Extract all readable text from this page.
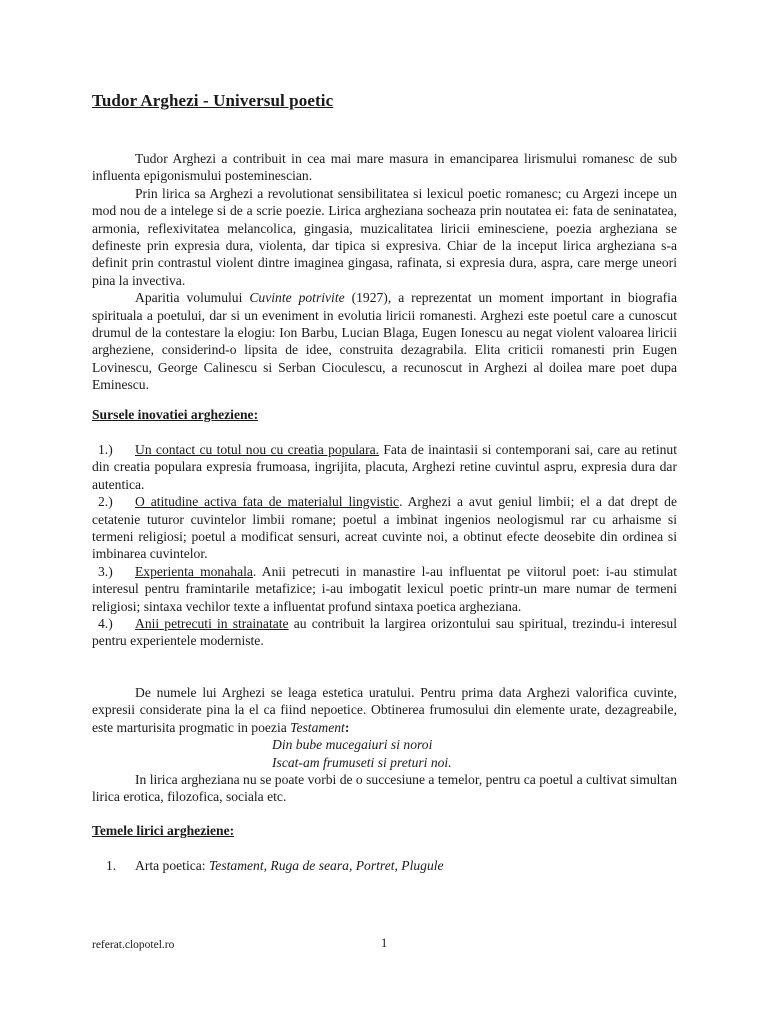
Tudor Arghezi - Universul poetic

Tudor Arghezi a contribuit in cea mai mare masura in emanciparea lirismului romanesc de sub influenta epigonismului posteminescian.

Prin lirica sa Arghezi a revolutionat sensibilitatea si lexicul poetic romanesc; cu Argezi incepe un mod nou de a intelege si de a scrie poezie. Lirica argheziana socheaza prin noutatea ei: fata de seninatatea, armonia, reflexivitatea melancolica, gingasia, muzicalitatea liricii eminesciene, poezia argheziana se defineste prin expresia dura, violenta, dar tipica si expresiva. Chiar de la inceput lirica argheziana s-a definit prin contrastul violent dintre imaginea gingasa, rafinata, si expresia dura, aspra, care merge uneori pina la invectiva.

Aparitia volumului Cuvinte potrivite (1927), a reprezentat un moment important in biografia spirituala a poetului, dar si un eveniment in evolutia liricii romanesti. Arghezi este poetul care a cunoscut drumul de la contestare la elogiu: Ion Barbu, Lucian Blaga, Eugen Ionescu au negat violent valoarea liricii argheziene, considerind-o lipsita de idee, construita dezagrabila. Elita criticii romanesti prin Eugen Lovinescu, George Calinescu si Serban Cioculescu, a recunoscut in Arghezi al doilea mare poet dupa Eminescu.

Sursele inovatiei argheziene:

1.) Un contact cu totul nou cu creatia populara. Fata de inaintasii si contemporani sai, care au retinut din creatia populara expresia frumoasa, ingrijita, placuta, Arghezi retine cuvintul aspru, expresia dura dar autentica.

2.) O atitudine activa fata de materialul lingvistic. Arghezi a avut geniul limbii; el a dat drept de cetatenie tuturor cuvintelor limbii romane; poetul a imbinat ingenios neologismul rar cu arhaisme si termeni religiosi; poetul a modificat sensuri, acreat cuvinte noi, a obtinut efecte deosebite din ordinea si imbinarea cuvintelor.

3.) Experienta monahala. Anii petrecuti in manastire l-au influentat pe viitorul poet: i-au stimulat interesul pentru framintarile metafizice; i-au imbogatit lexicul poetic printr-un mare numar de termeni religiosi; sintaxa vechilor texte a influentat profund sintaxa poetica argheziana.

4.) Anii petrecuti in strainatate au contribuit la largirea orizontului sau spiritual, trezindu-i interesul pentru experientele moderniste.

De numele lui Arghezi se leaga estetica uratului. Pentru prima data Arghezi valorifica cuvinte, expresii considerate pina la el ca fiind nepoetice. Obtinerea frumosului din elemente urate, dezagreabile, este marturisita progmatic in poezia Testament:

Din bube mucegaiuri si noroi

Iscat-am frumuseti si preturi noi.

In lirica argheziana nu se poate vorbi de o succesiune a temelor, pentru ca poetul a cultivat simultan lirica erotica, filozofica, sociala etc.

Temele lirici argheziene:

1. Arta poetica: Testament, Ruga de seara, Portret, Plugule

referat.clopotel.ro	1
